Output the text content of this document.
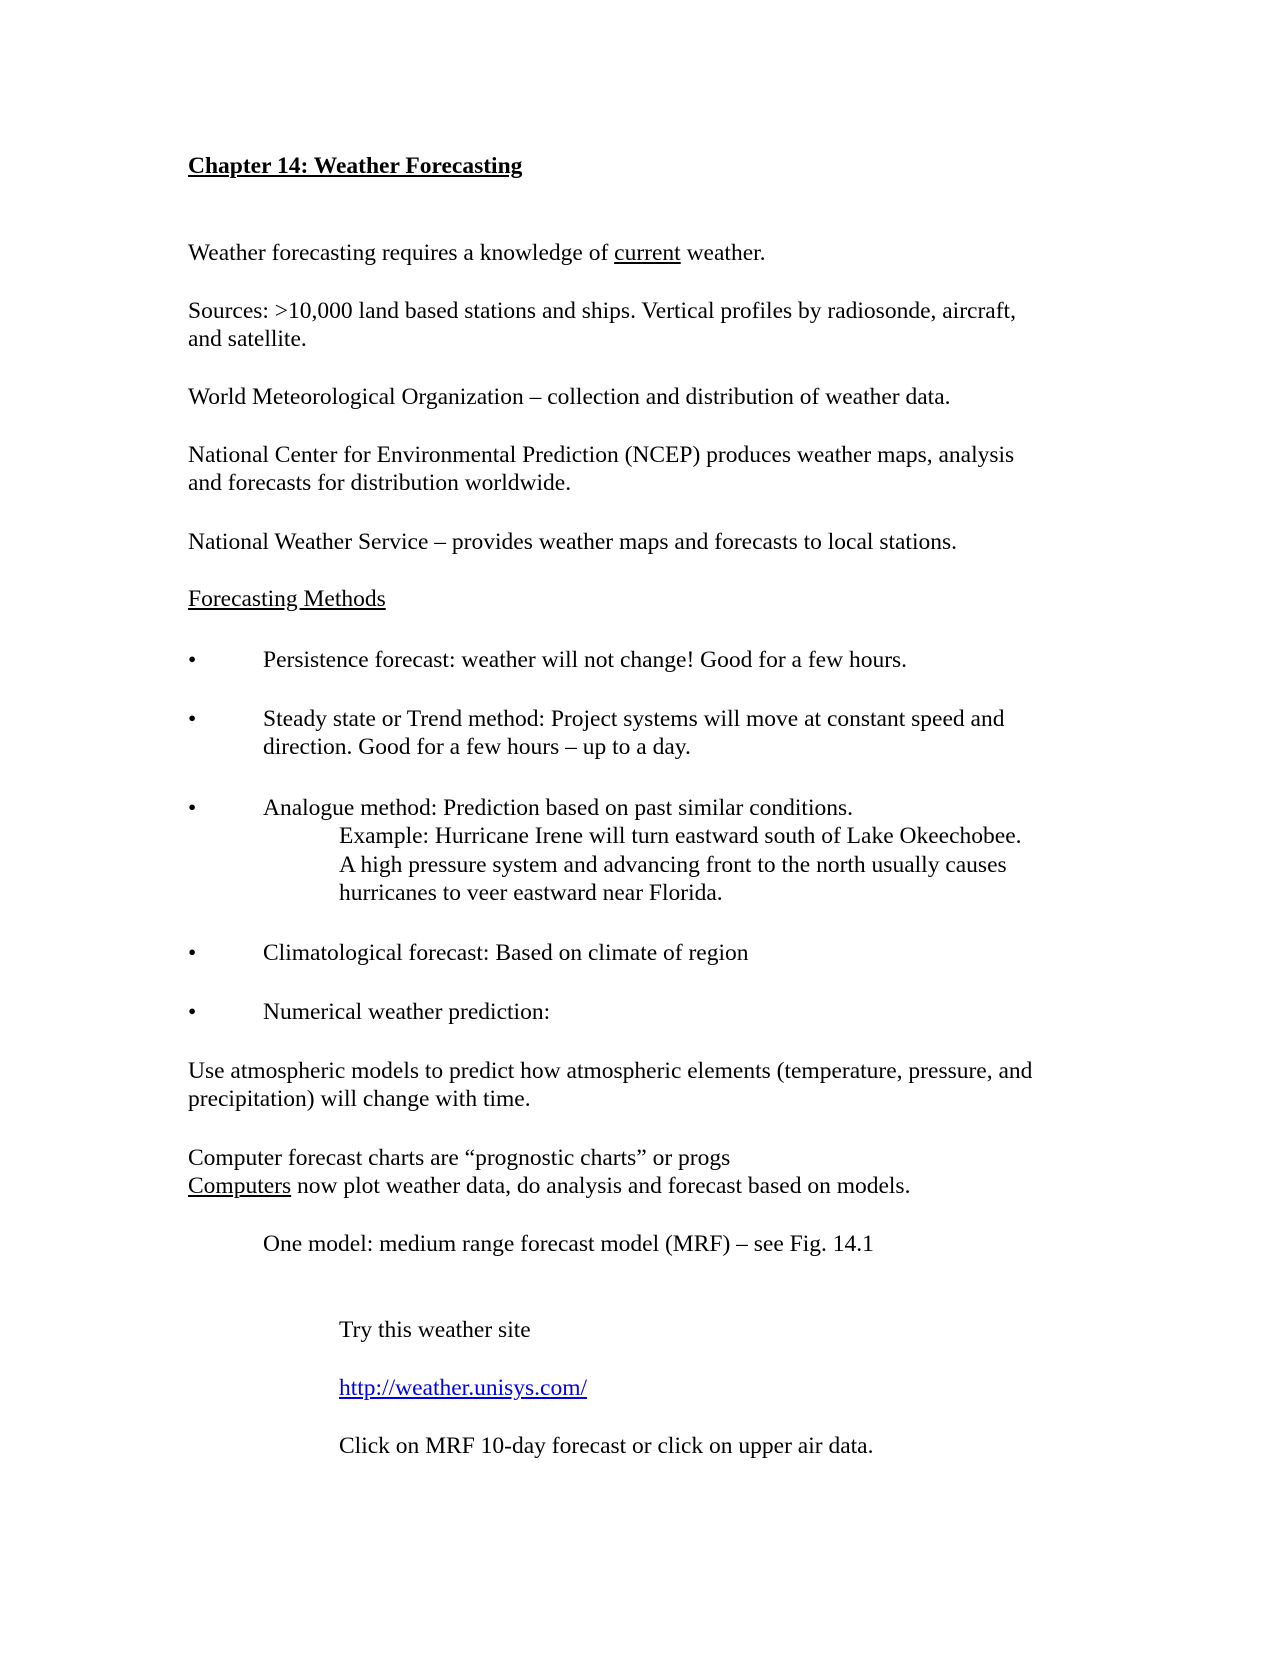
Chapter 14: Weather Forecasting
Weather forecasting requires a knowledge of current weather.
Sources: >10,000 land based stations and ships. Vertical profiles by radiosonde, aircraft,
and satellite.
World Meteorological Organization – collection and distribution of weather data.
National Center for Environmental Prediction (NCEP) produces weather maps, analysis
and forecasts for distribution worldwide.
National Weather Service – provides weather maps and forecasts to local stations.
Forecasting Methods
•	Persistence forecast: weather will not change! Good for a few hours.
•	Steady state or Trend method: Project systems will move at constant speed and
direction. Good for a few hours – up to a day.
•	Analogue method: Prediction based on past similar conditions.
Example: Hurricane Irene will turn eastward south of Lake Okeechobee.
A high pressure system and advancing front to the north usually causes
hurricanes to veer eastward near Florida.
•	Climatological forecast: Based on climate of region
•	Numerical weather prediction:
Use atmospheric models to predict how atmospheric elements (temperature, pressure, and
precipitation) will change with time.
Computer forecast charts are “prognostic charts” or progs
Computers now plot weather data, do analysis and forecast based on models.
One model: medium range forecast model (MRF) – see Fig. 14.1
Try this weather site
http://weather.unisys.com/
Click on MRF 10-day forecast or click on upper air data.
